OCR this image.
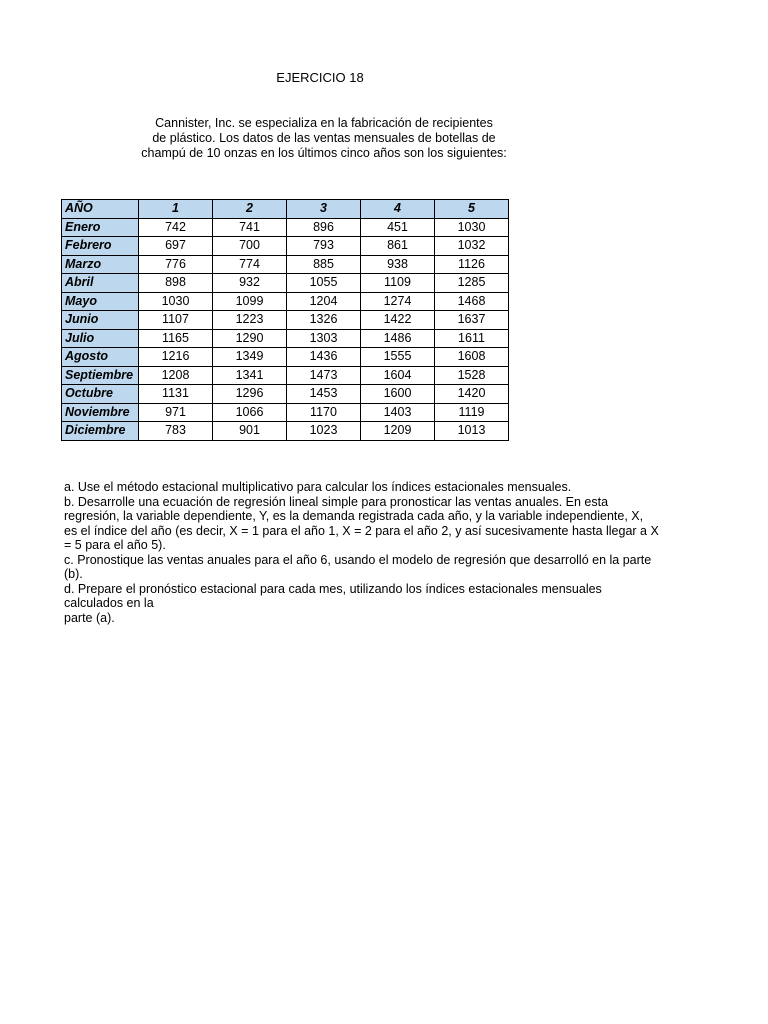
EJERCICIO 18
Cannister, Inc. se especializa en la fabricación de recipientes
de plástico. Los datos de las ventas mensuales de botellas de
champú de 10 onzas en los últimos cinco años son los siguientes:
AÑO	1	2	3	4	5
Enero	742	741	896	451	1030
Febrero	697	700	793	861	1032
Marzo	776	774	885	938	1126
Abril	898	932	1055	1109	1285
Mayo	1030	1099	1204	1274	1468
Junio	1107	1223	1326	1422	1637
Julio	1165	1290	1303	1486	1611
Agosto	1216	1349	1436	1555	1608
Septiembre	1208	1341	1473	1604	1528
Octubre	1131	1296	1453	1600	1420
Noviembre	971	1066	1170	1403	1119
Diciembre	783	901	1023	1209	1013
a. Use el método estacional multiplicativo para calcular los índices estacionales mensuales.
b. Desarrolle una ecuación de regresión lineal simple para pronosticar las ventas anuales. En esta
regresión, la variable dependiente, Y, es la demanda registrada cada año, y la variable independiente, X,
es el índice del año (es decir, X = 1 para el año 1, X = 2 para el año 2, y así sucesivamente hasta llegar a X
= 5 para el año 5).
c. Pronostique las ventas anuales para el año 6, usando el modelo de regresión que desarrolló en la parte
(b).
d. Prepare el pronóstico estacional para cada mes, utilizando los índices estacionales mensuales
calculados en la
parte (a).
